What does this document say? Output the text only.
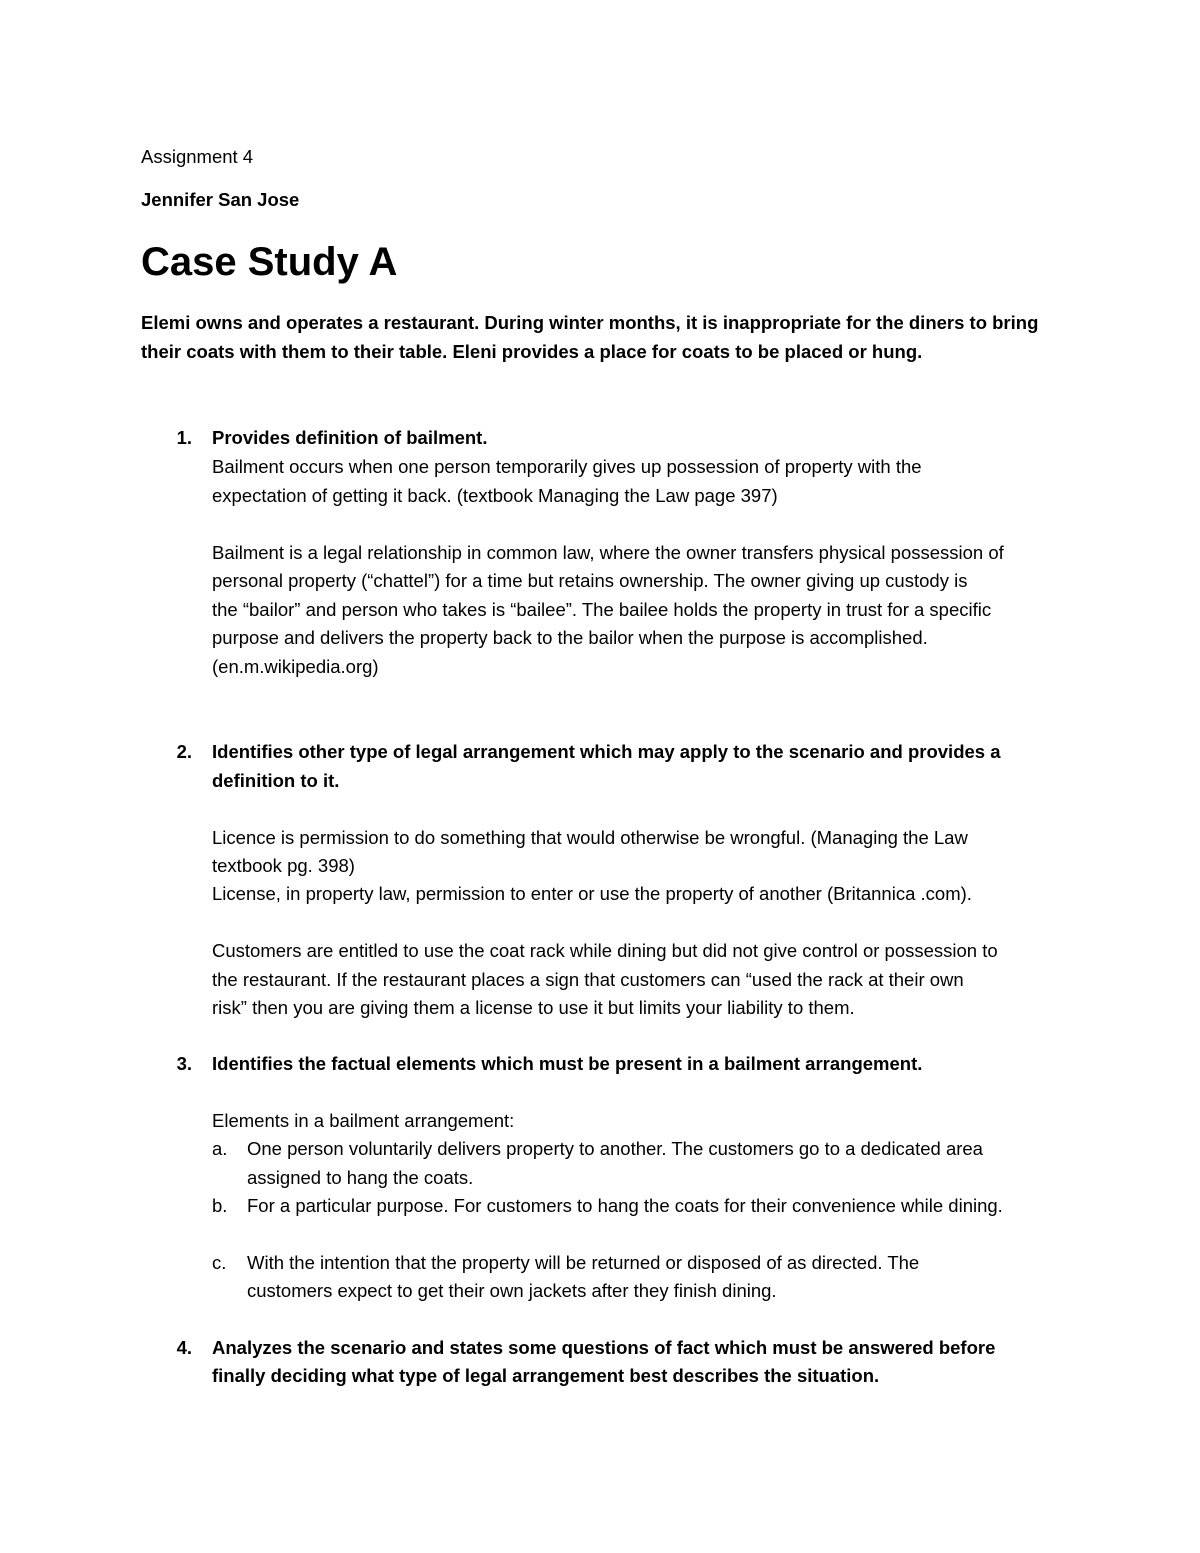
Assignment 4
Jennifer San Jose
Case Study A
Elemi owns and operates a restaurant. During winter months, it is inappropriate for the diners to bring
their coats with them to their table. Eleni provides a place for coats to be placed or hung.
1. Provides definition of bailment.
Bailment occurs when one person temporarily gives up possession of property with the
expectation of getting it back. (textbook Managing the Law page 397)
Bailment is a legal relationship in common law, where the owner transfers physical possession of
personal property (“chattel”) for a time but retains ownership. The owner giving up custody is
the “bailor” and person who takes is “bailee”. The bailee holds the property in trust for a specific
purpose and delivers the property back to the bailor when the purpose is accomplished.
(en.m.wikipedia.org)
2. Identifies other type of legal arrangement which may apply to the scenario and provides a
definition to it.
Licence is permission to do something that would otherwise be wrongful. (Managing the Law
textbook pg. 398)
License, in property law, permission to enter or use the property of another (Britannica .com).
Customers are entitled to use the coat rack while dining but did not give control or possession to
the restaurant. If the restaurant places a sign that customers can “used the rack at their own
risk” then you are giving them a license to use it but limits your liability to them.
3. Identifies the factual elements which must be present in a bailment arrangement.
Elements in a bailment arrangement:
a.	One person voluntarily delivers property to another. The customers go to a dedicated area
assigned to hang the coats.
b.	For a particular purpose. For customers to hang the coats for their convenience while dining.
c.	With the intention that the property will be returned or disposed of as directed. The
customers expect to get their own jackets after they finish dining.
4. Analyzes the scenario and states some questions of fact which must be answered before
finally deciding what type of legal arrangement best describes the situation.
